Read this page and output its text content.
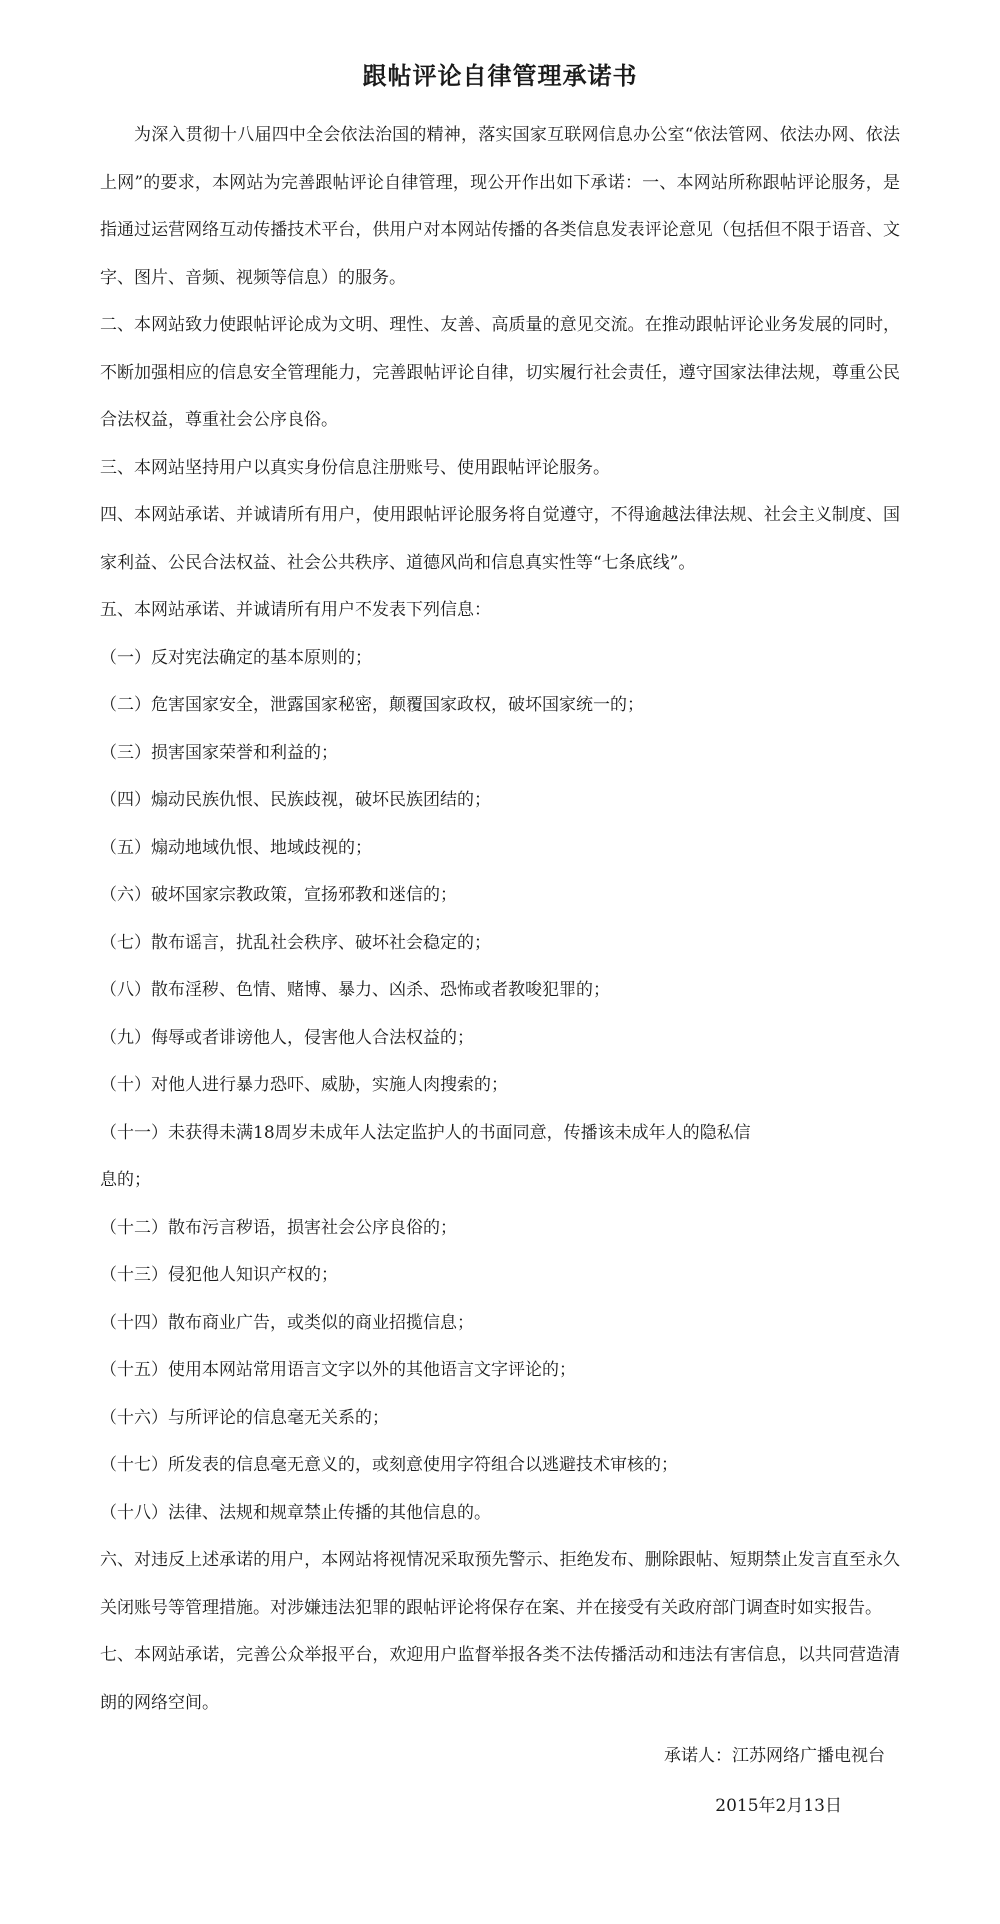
跟帖评论自律管理承诺书

为深入贯彻十八届四中全会依法治国的精神，落实国家互联网信息办公室“依法管网、依法办网、依法上网”的要求，本网站为完善跟帖评论自律管理，现公开作出如下承诺：一、本网站所称跟帖评论服务，是指通过运营网络互动传播技术平台，供用户对本网站传播的各类信息发表评论意见（包括但不限于语音、文字、图片、音频、视频等信息）的服务。

二、本网站致力使跟帖评论成为文明、理性、友善、高质量的意见交流。在推动跟帖评论业务发展的同时，不断加强相应的信息安全管理能力，完善跟帖评论自律，切实履行社会责任，遵守国家法律法规，尊重公民合法权益，尊重社会公序良俗。

三、本网站坚持用户以真实身份信息注册账号、使用跟帖评论服务。

四、本网站承诺、并诚请所有用户，使用跟帖评论服务将自觉遵守，不得逾越法律法规、社会主义制度、国家利益、公民合法权益、社会公共秩序、道德风尚和信息真实性等“七条底线”。

五、本网站承诺、并诚请所有用户不发表下列信息：

（一）反对宪法确定的基本原则的；

（二）危害国家安全，泄露国家秘密，颠覆国家政权，破坏国家统一的；

（三）损害国家荣誉和利益的；

（四）煽动民族仇恨、民族歧视，破坏民族团结的；

（五）煽动地域仇恨、地域歧视的；

（六）破坏国家宗教政策，宣扬邪教和迷信的；

（七）散布谣言，扰乱社会秩序、破坏社会稳定的；

（八）散布淫秽、色情、赌博、暴力、凶杀、恐怖或者教唆犯罪的；

（九）侮辱或者诽谤他人，侵害他人合法权益的；

（十）对他人进行暴力恐吓、威胁，实施人肉搜索的；

（十一）未获得未满18周岁未成年人法定监护人的书面同意，传播该未成年人的隐私信

息的；

（十二）散布污言秽语，损害社会公序良俗的；

（十三）侵犯他人知识产权的；

（十四）散布商业广告，或类似的商业招揽信息；

（十五）使用本网站常用语言文字以外的其他语言文字评论的；

（十六）与所评论的信息毫无关系的；

（十七）所发表的信息毫无意义的，或刻意使用字符组合以逃避技术审核的；

（十八）法律、法规和规章禁止传播的其他信息的。

六、对违反上述承诺的用户，本网站将视情况采取预先警示、拒绝发布、删除跟帖、短期禁止发言直至永久关闭账号等管理措施。对涉嫌违法犯罪的跟帖评论将保存在案、并在接受有关政府部门调查时如实报告。

七、本网站承诺，完善公众举报平台，欢迎用户监督举报各类不法传播活动和违法有害信息，以共同营造清朗的网络空间。

承诺人：江苏网络广播电视台

2015年2月13日
